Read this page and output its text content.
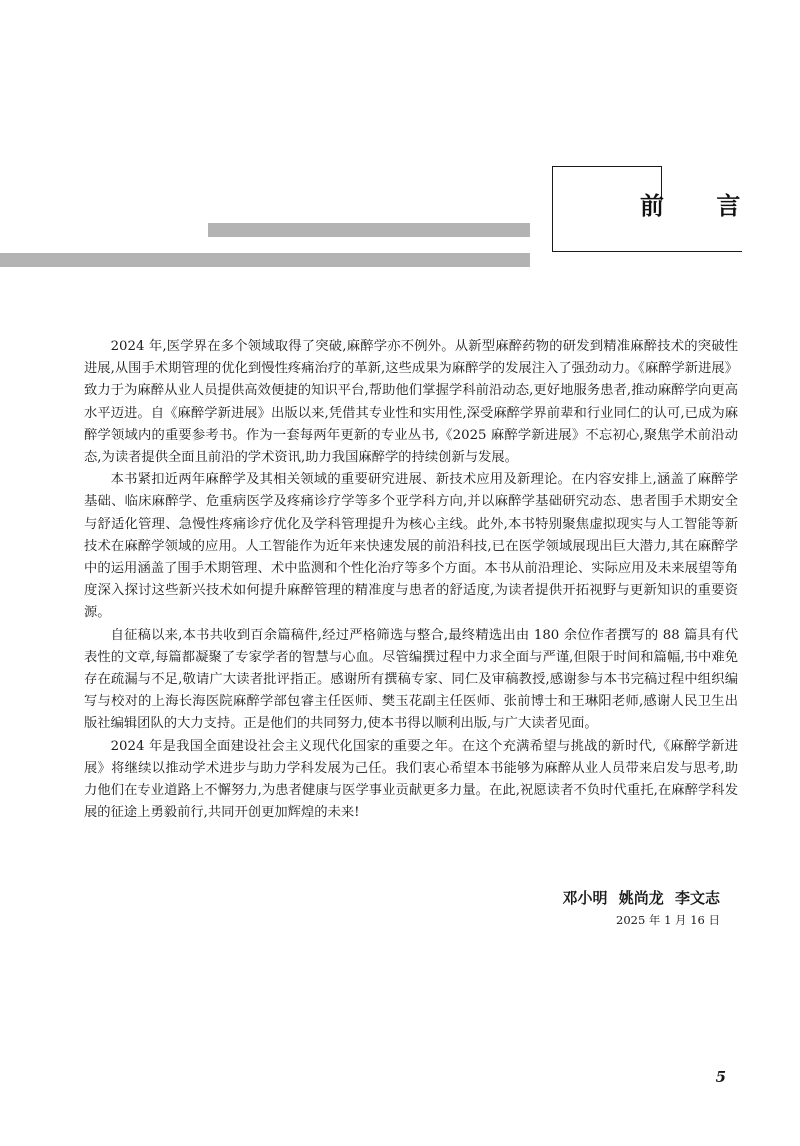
前 言

2024 年,医学界在多个领域取得了突破,麻醉学亦不例外。从新型麻醉药物的研发到精准麻醉技术的突破性进展,从围手术期管理的优化到慢性疼痛治疗的革新,这些成果为麻醉学的发展注入了强劲动力。《麻醉学新进展》致力于为麻醉从业人员提供高效便捷的知识平台,帮助他们掌握学科前沿动态,更好地服务患者,推动麻醉学向更高水平迈进。自《麻醉学新进展》出版以来,凭借其专业性和实用性,深受麻醉学界前辈和行业同仁的认可,已成为麻醉学领域内的重要参考书。作为一套每两年更新的专业丛书,《2025 麻醉学新进展》不忘初心,聚焦学术前沿动态,为读者提供全面且前沿的学术资讯,助力我国麻醉学的持续创新与发展。

本书紧扣近两年麻醉学及其相关领域的重要研究进展、新技术应用及新理论。在内容安排上,涵盖了麻醉学基础、临床麻醉学、危重病医学及疼痛诊疗学等多个亚学科方向,并以麻醉学基础研究动态、患者围手术期安全与舒适化管理、急慢性疼痛诊疗优化及学科管理提升为核心主线。此外,本书特别聚焦虚拟现实与人工智能等新技术在麻醉学领域的应用。人工智能作为近年来快速发展的前沿科技,已在医学领域展现出巨大潜力,其在麻醉学中的运用涵盖了围手术期管理、术中监测和个性化治疗等多个方面。本书从前沿理论、实际应用及未来展望等角度深入探讨这些新兴技术如何提升麻醉管理的精准度与患者的舒适度,为读者提供开拓视野与更新知识的重要资源。

自征稿以来,本书共收到百余篇稿件,经过严格筛选与整合,最终精选出由 180 余位作者撰写的 88 篇具有代表性的文章,每篇都凝聚了专家学者的智慧与心血。尽管编撰过程中力求全面与严谨,但限于时间和篇幅,书中难免存在疏漏与不足,敬请广大读者批评指正。感谢所有撰稿专家、同仁及审稿教授,感谢参与本书完稿过程中组织编写与校对的上海长海医院麻醉学部包睿主任医师、樊玉花副主任医师、张前博士和王琳阳老师,感谢人民卫生出版社编辑团队的大力支持。正是他们的共同努力,使本书得以顺利出版,与广大读者见面。

2024 年是我国全面建设社会主义现代化国家的重要之年。在这个充满希望与挑战的新时代,《麻醉学新进展》将继续以推动学术进步与助力学科发展为己任。我们衷心希望本书能够为麻醉从业人员带来启发与思考,助力他们在专业道路上不懈努力,为患者健康与医学事业贡献更多力量。在此,祝愿读者不负时代重托,在麻醉学科发展的征途上勇毅前行,共同开创更加辉煌的未来!

邓小明 姚尚龙 李文志
2025 年 1 月 16 日
5
